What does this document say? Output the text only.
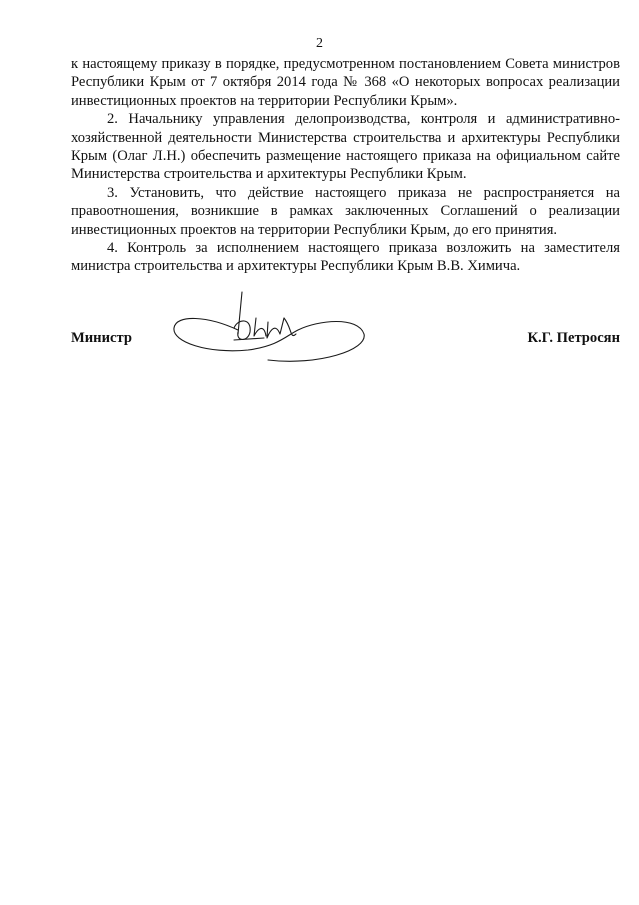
2

к настоящему приказу в порядке, предусмотренном постановлением Совета министров Республики Крым от 7 октября 2014 года № 368 «О некоторых вопросах реализации инвестиционных проектов на территории Республики Крым».

2. Начальнику управления делопроизводства, контроля и административно-хозяйственной деятельности Министерства строительства и архитектуры Республики Крым (Олаг Л.Н.) обеспечить размещение настоящего приказа на официальном сайте Министерства строительства и архитектуры Республики Крым.

3. Установить, что действие настоящего приказа не распространяется на правоотношения, возникшие в рамках заключенных Соглашений о реализации инвестиционных проектов на территории Республики Крым, до его принятия.

4. Контроль за исполнением настоящего приказа возложить на заместителя министра строительства и архитектуры Республики Крым В.В. Химича.

Министр	К.Г. Петросян
